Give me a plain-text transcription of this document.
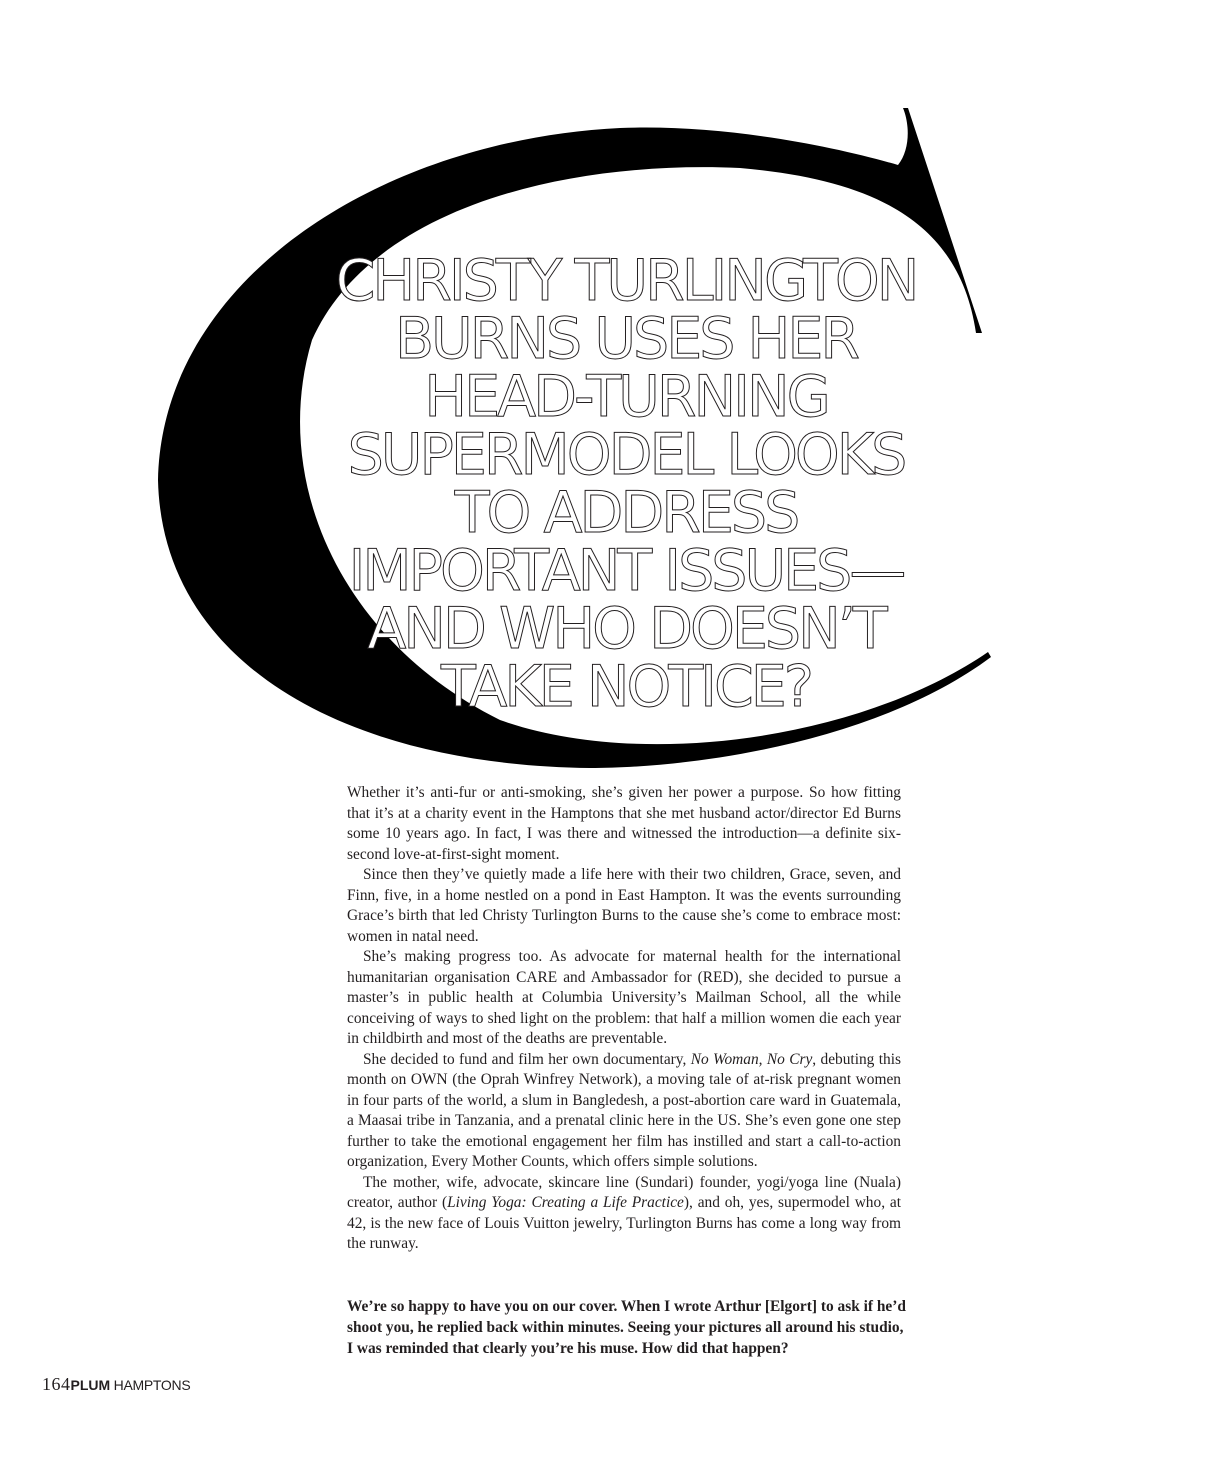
CHRISTY TURLINGTON
BURNS USES HER
HEAD-TURNING
SUPERMODEL LOOKS
TO ADDRESS
IMPORTANT ISSUES—
AND WHO DOESN’T
TAKE NOTICE?

Whether it’s anti-fur or anti-smoking, she’s given her power a purpose. So how fitting that it’s at a charity event in the Hamptons that she met husband actor/director Ed Burns some 10 years ago. In fact, I was there and witnessed the introduction—a definite six-second love-at-first-sight moment.

Since then they’ve quietly made a life here with their two children, Grace, seven, and Finn, five, in a home nestled on a pond in East Hampton. It was the events surrounding Grace’s birth that led Christy Turlington Burns to the cause she’s come to embrace most: women in natal need.

She’s making progress too. As advocate for maternal health for the international humanitarian organisation CARE and Ambassador for (RED), she decided to pursue a master’s in public health at Columbia University’s Mailman School, all the while conceiving of ways to shed light on the problem: that half a million women die each year in childbirth and most of the deaths are preventable.

She decided to fund and film her own documentary, No Woman, No Cry, debuting this month on OWN (the Oprah Winfrey Network), a moving tale of at-risk pregnant women in four parts of the world, a slum in Bangledesh, a post-abortion care ward in Guatemala, a Maasai tribe in Tanzania, and a prenatal clinic here in the US. She’s even gone one step further to take the emotional engagement her film has instilled and start a call-to-action organization, Every Mother Counts, which offers simple solutions.

The mother, wife, advocate, skincare line (Sundari) founder, yogi/yoga line (Nuala) creator, author (Living Yoga: Creating a Life Practice), and oh, yes, supermodel who, at 42, is the new face of Louis Vuitton jewelry, Turlington Burns has come a long way from the runway.

We’re so happy to have you on our cover. When I wrote Arthur [Elgort] to ask if he’d shoot you, he replied back within minutes. Seeing your pictures all around his studio, I was reminded that clearly you’re his muse. How did that happen?

164PLUM HAMPTONS
